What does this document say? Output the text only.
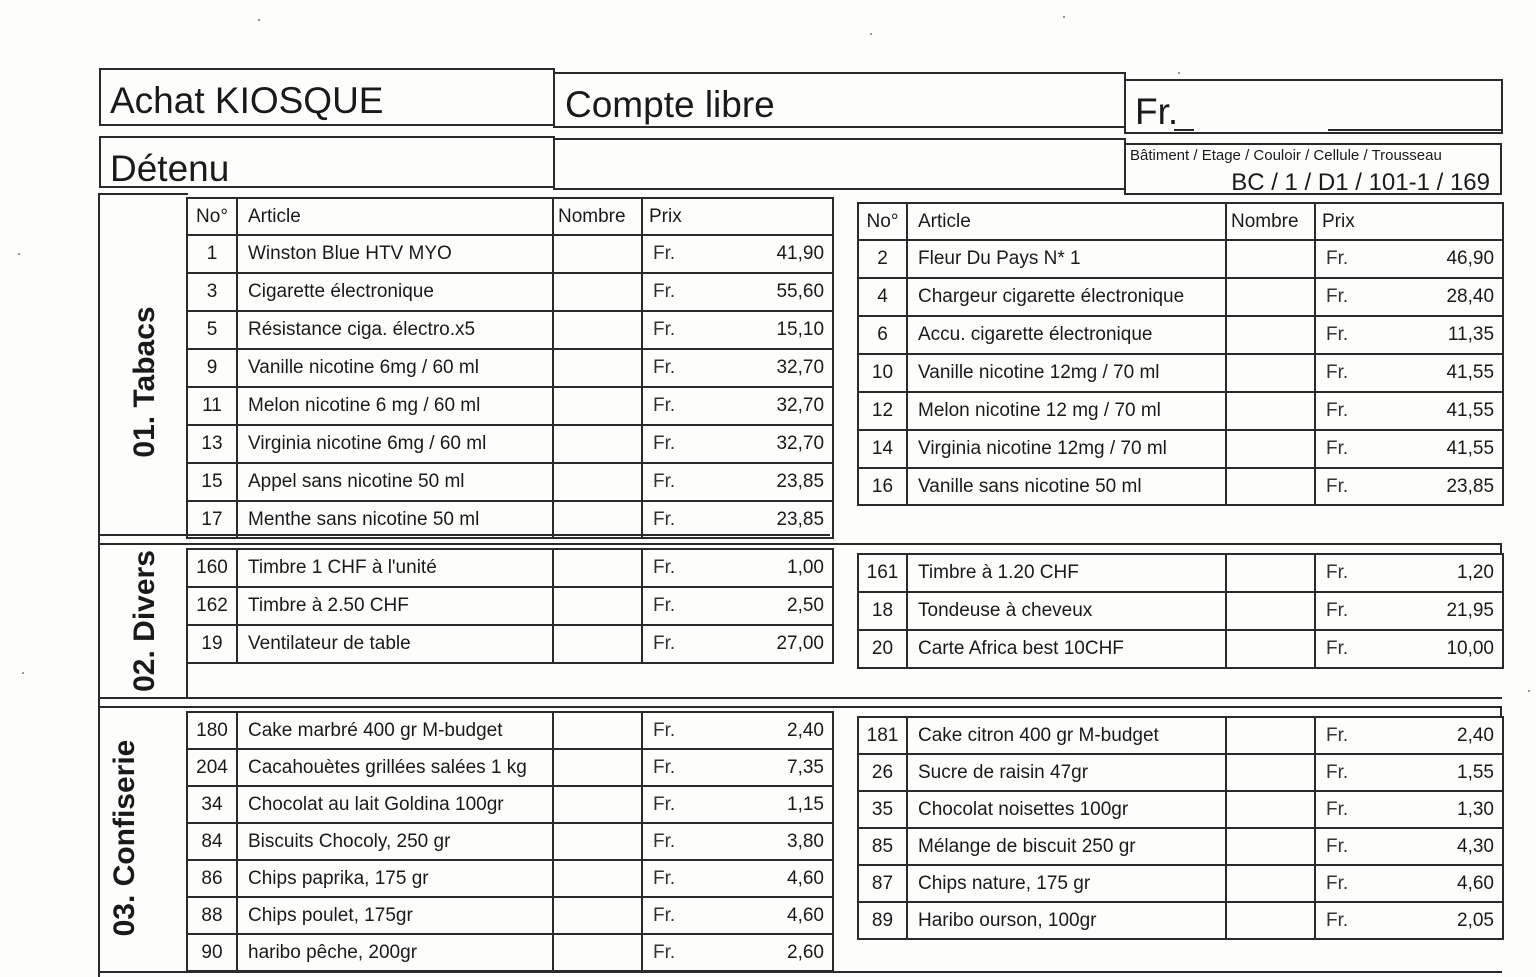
Achat KIOSQUE	Compte libre	Fr.
Détenu	Bâtiment / Etage / Couloir / Cellule / Trousseau
BC / 1 / D1 / 101-1 / 169
01. Tabacs
02. Divers
03. Confiserie
No°	Article	Nombre	Prix	
1	Winston Blue HTV MYO		Fr.	41,90
3	Cigarette électronique		Fr.	55,60
5	Résistance ciga. électro.x5		Fr.	15,10
9	Vanille nicotine 6mg / 60 ml		Fr.	32,70
11	Melon nicotine 6 mg / 60 ml		Fr.	32,70
13	Virginia nicotine 6mg / 60 ml		Fr.	32,70
15	Appel sans nicotine 50 ml		Fr.	23,85
17	Menthe sans nicotine 50 ml		Fr.	23,85
No°	Article	Nombre	Prix	
2	Fleur Du Pays N* 1		Fr.	46,90
4	Chargeur cigarette électronique		Fr.	28,40
6	Accu. cigarette électronique		Fr.	11,35
10	Vanille nicotine 12mg / 70 ml		Fr.	41,55
12	Melon nicotine 12 mg / 70 ml		Fr.	41,55
14	Virginia nicotine 12mg / 70 ml		Fr.	41,55
16	Vanille sans nicotine 50 ml		Fr.	23,85
160	Timbre 1 CHF à l'unité		Fr.	1,00
162	Timbre à 2.50 CHF		Fr.	2,50
19	Ventilateur de table		Fr.	27,00
161	Timbre à 1.20 CHF		Fr.	1,20
18	Tondeuse à cheveux		Fr.	21,95
20	Carte Africa best 10CHF		Fr.	10,00
180	Cake marbré 400 gr M-budget		Fr.	2,40
204	Cacahouètes grillées salées 1 kg		Fr.	7,35
34	Chocolat au lait Goldina 100gr		Fr.	1,15
84	Biscuits Chocoly, 250 gr		Fr.	3,80
86	Chips paprika, 175 gr		Fr.	4,60
88	Chips poulet, 175gr		Fr.	4,60
90	haribo pêche, 200gr		Fr.	2,60
181	Cake citron 400 gr M-budget		Fr.	2,40
26	Sucre de raisin 47gr		Fr.	1,55
35	Chocolat noisettes 100gr		Fr.	1,30
85	Mélange de biscuit 250 gr		Fr.	4,30
87	Chips nature, 175 gr		Fr.	4,60
89	Haribo ourson, 100gr		Fr.	2,05
